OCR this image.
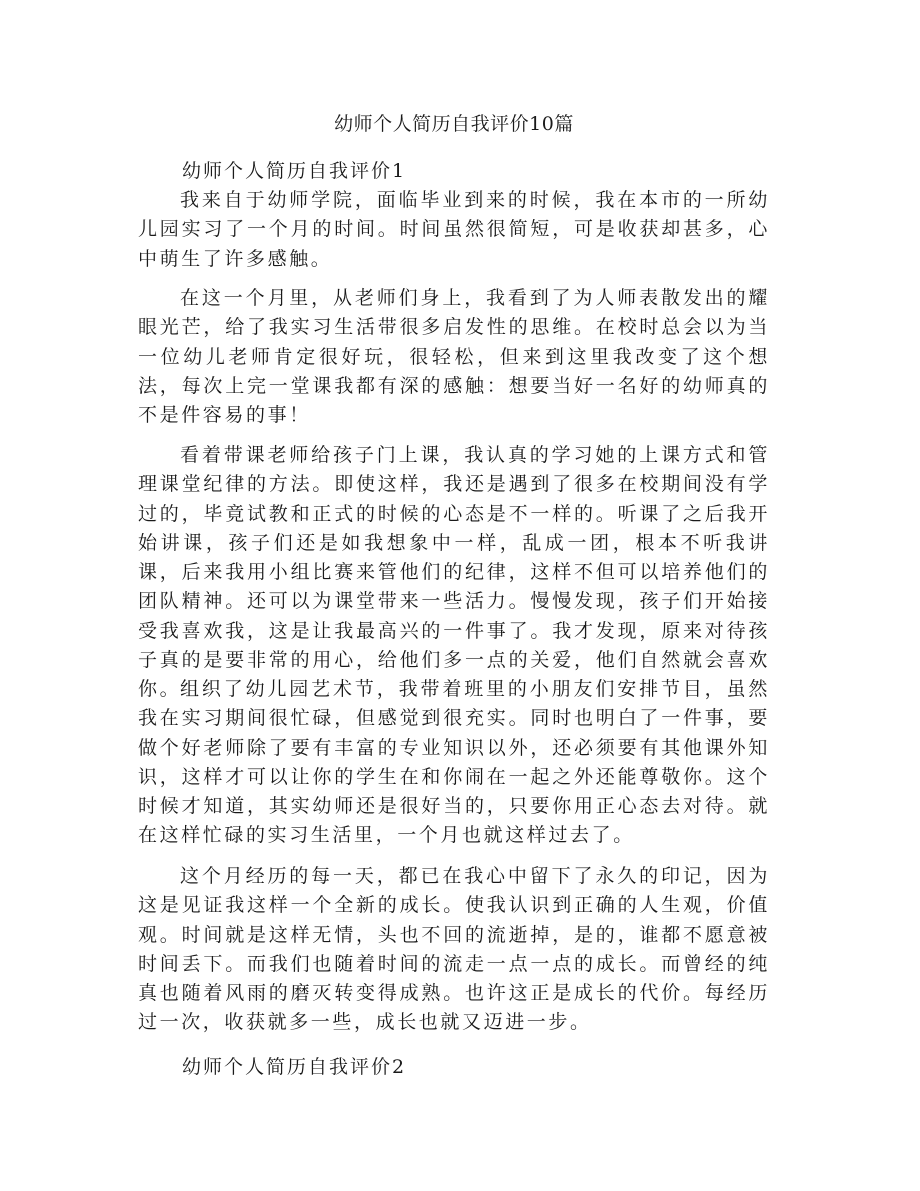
幼师个人简历自我评价10篇
幼师个人简历自我评价1

我来自于幼师学院，面临毕业到来的时候，我在本市的一所幼儿园实习了一个月的时间。时间虽然很简短，可是收获却甚多，心中萌生了许多感触。

在这一个月里，从老师们身上，我看到了为人师表散发出的耀眼光芒，给了我实习生活带很多启发性的思维。在校时总会以为当一位幼儿老师肯定很好玩，很轻松，但来到这里我改变了这个想法，每次上完一堂课我都有深的感触：想要当好一名好的幼师真的不是件容易的事！

看着带课老师给孩子门上课，我认真的学习她的上课方式和管理课堂纪律的方法。即使这样，我还是遇到了很多在校期间没有学过的，毕竟试教和正式的时候的心态是不一样的。听课了之后我开始讲课，孩子们还是如我想象中一样，乱成一团，根本不听我讲课，后来我用小组比赛来管他们的纪律，这样不但可以培养他们的团队精神。还可以为课堂带来一些活力。慢慢发现，孩子们开始接受我喜欢我，这是让我最高兴的一件事了。我才发现，原来对待孩子真的是要非常的用心，给他们多一点的关爱，他们自然就会喜欢你。

组织了幼儿园艺术节，我带着班里的小朋友们安排节目，虽然我在实习期间很忙碌，但感觉到很充实。同时也明白了一件事，要做个好老师除了要有丰富的专业知识以外，还必须要有其他课外知识，这样才可以让你的学生在和你闹在一起之外还能尊敬你。这个时候才知道，其实幼师还是很好当的，只要你用正心态去对待。就在这样忙碌的实习生活里，一个月也就这样过去了。

这个月经历的每一天，都已在我心中留下了永久的印记，因为这是见证我这样一个全新的成长。使我认识到正确的人生观，价值观。时间就是这样无情，头也不回的流逝掉，是的，谁都不愿意被时间丢下。而我们也随着时间的流走一点一点的成长。而曾经的纯真也随着风雨的磨灭转变得成熟。也许这正是成长的代价。每经历过一次，收获就多一些，成长也就又迈进一步。

幼师个人简历自我评价2
